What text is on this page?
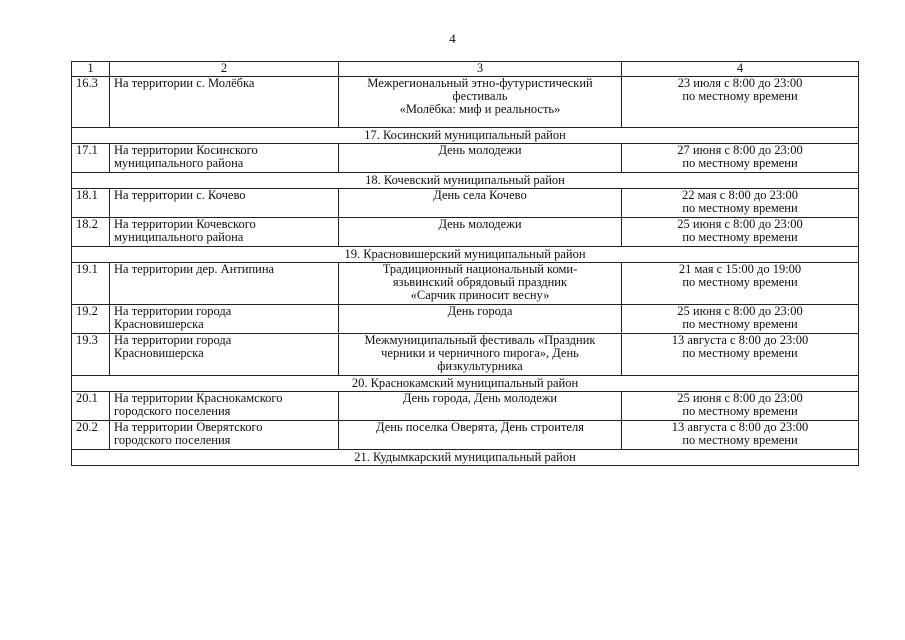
4
1	2	3	4
16.3	На территории с. Молёбка	Межрегиональный этно-футуристический
фестиваль
«Молёбка: миф и реальность»	23 июля с 8:00 до 23:00
по местному времени
17. Косинский муниципальный район			
17.1	На территории Косинского
муниципального района	День молодежи	27 июня с 8:00 до 23:00
по местному времени
18. Кочевский муниципальный район			
18.1	На территории с. Кочево	День села Кочево	22 мая с 8:00 до 23:00
по местному времени
18.2	На территории Кочевского
муниципального района	День молодежи	25 июня с 8:00 до 23:00
по местному времени
19. Красновишерский муниципальный район			
19.1	На территории дер. Антипина	Традиционный национальный коми-
язьвинский обрядовый праздник
«Сарчик приносит весну»	21 мая с 15:00 до 19:00
по местному времени
19.2	На территории города
Красновишерска	День города	25 июня с 8:00 до 23:00
по местному времени
19.3	На территории города
Красновишерска	Межмуниципальный фестиваль «Праздник
черники и черничного пирога», День
физкультурника	13 августа с 8:00 до 23:00
по местному времени
20. Краснокамский муниципальный район			
20.1	На территории Краснокамского
городского поселения	День города, День молодежи	25 июня с 8:00 до 23:00
по местному времени
20.2	На территории Оверятского
городского поселения	День поселка Оверята, День строителя	13 августа с 8:00 до 23:00
по местному времени
21. Кудымкарский муниципальный район			
